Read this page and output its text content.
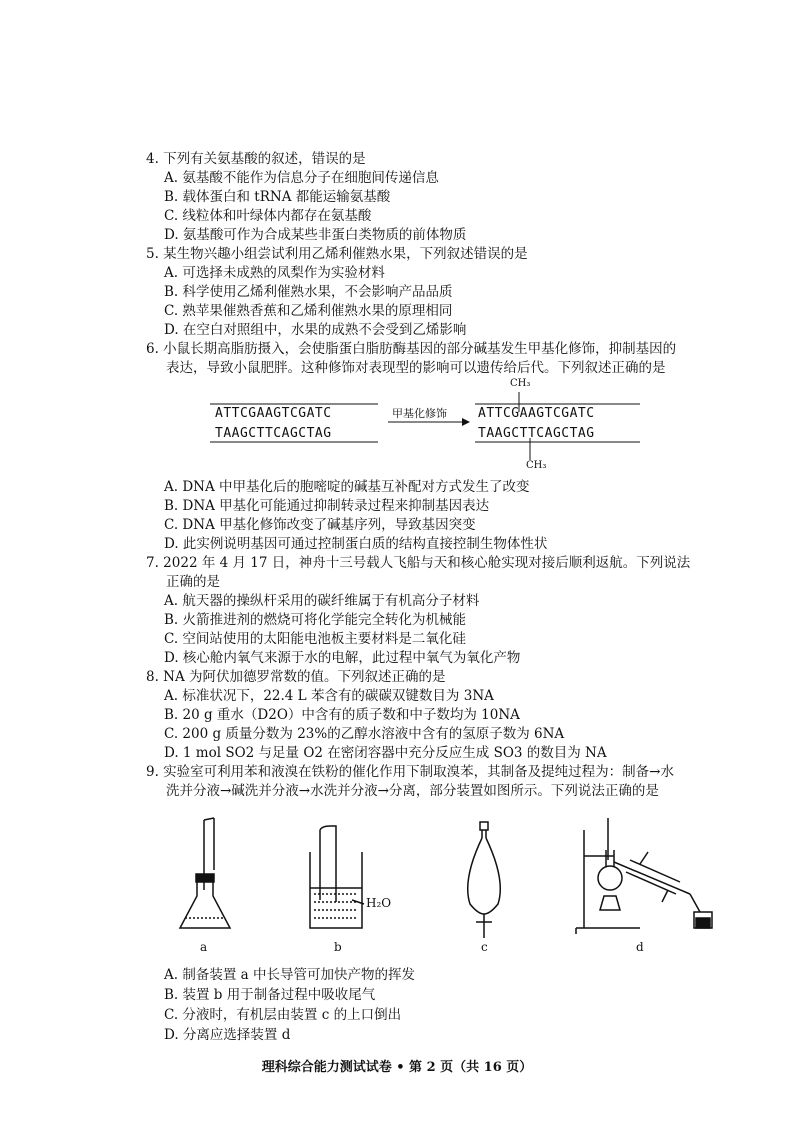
4. 下列有关氨基酸的叙述，错误的是
A. 氨基酸不能作为信息分子在细胞间传递信息
B. 载体蛋白和 tRNA 都能运输氨基酸
C. 线粒体和叶绿体内都存在氨基酸
D. 氨基酸可作为合成某些非蛋白类物质的前体物质
5. 某生物兴趣小组尝试利用乙烯利催熟水果，下列叙述错误的是
A. 可选择未成熟的凤梨作为实验材料
B. 科学使用乙烯利催熟水果，不会影响产品品质
C. 熟苹果催熟香蕉和乙烯利催熟水果的原理相同
D. 在空白对照组中，水果的成熟不会受到乙烯影响
6. 小鼠长期高脂肪摄入，会使脂蛋白脂肪酶基因的部分碱基发生甲基化修饰，抑制基因的
表达，导致小鼠肥胖。这种修饰对表现型的影响可以遗传给后代。下列叙述正确的是
ATTCGAAGTCGATC
TAAGCTTCAGCTAG
甲基化修饰 ATTCGAAGTCGATC
TAAGCTTCAGCTAG
CH₃
CH₃
A. DNA 中甲基化后的胞嘧啶的碱基互补配对方式发生了改变
B. DNA 甲基化可能通过抑制转录过程来抑制基因表达
C. DNA 甲基化修饰改变了碱基序列，导致基因突变
D. 此实例说明基因可通过控制蛋白质的结构直接控制生物体性状
7. 2022 年 4 月 17 日，神舟十三号载人飞船与天和核心舱实现对接后顺利返航。下列说法
正确的是
A. 航天器的操纵杆采用的碳纤维属于有机高分子材料
B. 火箭推进剂的燃烧可将化学能完全转化为机械能
C. 空间站使用的太阳能电池板主要材料是二氧化硅
D. 核心舱内氧气来源于水的电解，此过程中氧气为氧化产物
8. NA 为阿伏加德罗常数的值。下列叙述正确的是
A. 标准状况下，22.4 L 苯含有的碳碳双键数目为 3NA
B. 20 g 重水（D2O）中含有的质子数和中子数均为 10NA
C. 200 g 质量分数为 23%的乙醇水溶液中含有的氢原子数为 6NA
D. 1 mol SO2 与足量 O2 在密闭容器中充分反应生成 SO3 的数目为 NA
9. 实验室可利用苯和液溴在铁粉的催化作用下制取溴苯，其制备及提纯过程为：制备→水
洗并分液→碱洗并分液→水洗并分液→分离，部分装置如图所示。下列说法正确的是
a	b	c	d
H₂O
A. 制备装置 a 中长导管可加快产物的挥发
B. 装置 b 用于制备过程中吸收尾气
C. 分液时，有机层由装置 c 的上口倒出
D. 分离应选择装置 d
理科综合能力测试试卷 • 第 2 页（共 16 页）
